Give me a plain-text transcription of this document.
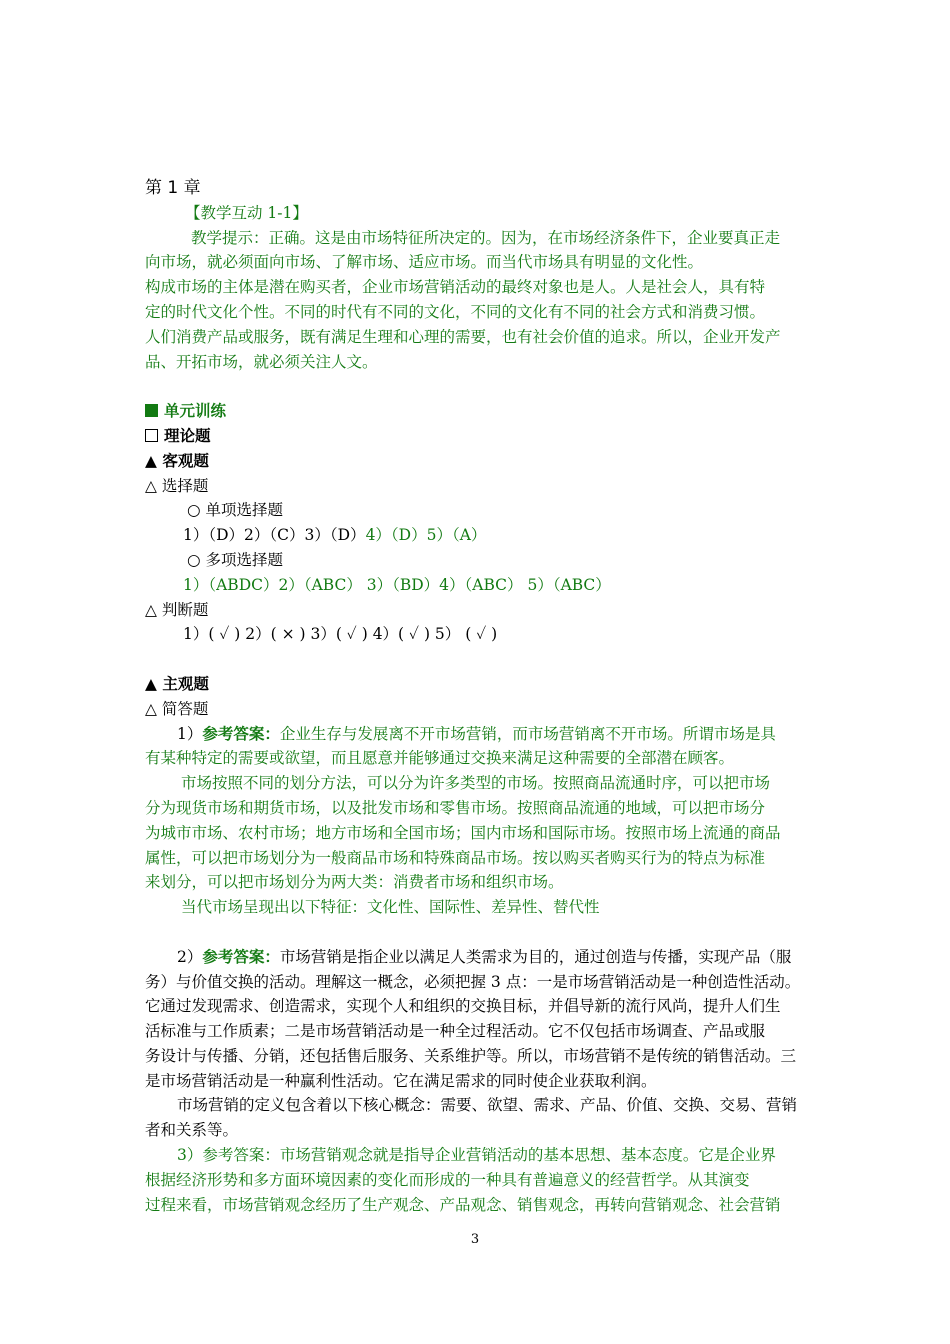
第 1 章
【教学互动 1-1】
教学提示：正确。这是由市场特征所决定的。因为，在市场经济条件下，企业要真正走
向市场，就必须面向市场、了解市场、适应市场。而当代市场具有明显的文化性。
构成市场的主体是潜在购买者，企业市场营销活动的最终对象也是人。人是社会人，具有特
定的时代文化个性。不同的时代有不同的文化，不同的文化有不同的社会方式和消费习惯。
人们消费产品或服务，既有满足生理和心理的需要，也有社会价值的追求。所以，企业开发产
品、开拓市场，就必须关注人文。
单元训练
理论题
▲ 客观题
△ 选择题
○ 单项选择题
1）（D）2）（C）3）（D）4）（D）5）（A）
○ 多项选择题
1）（ABDC）2）（ABC） 3）（BD）4）（ABC） 5）（ABC）
△ 判断题
1）( ✓ ) 2）( × ) 3）( ✓ ) 4）( ✓ ) 5） ( ✓ )
▲ 主观题
△ 简答题
1）参考答案：企业生存与发展离不开市场营销，而市场营销离不开市场。所谓市场是具
有某种特定的需要或欲望，而且愿意并能够通过交换来满足这种需要的全部潜在顾客。
市场按照不同的划分方法，可以分为许多类型的市场。按照商品流通时序，可以把市场
分为现货市场和期货市场，以及批发市场和零售市场。按照商品流通的地域，可以把市场分
为城市市场、农村市场；地方市场和全国市场；国内市场和国际市场。按照市场上流通的商品
属性，可以把市场划分为一般商品市场和特殊商品市场。按以购买者购买行为的特点为标准
来划分，可以把市场划分为两大类：消费者市场和组织市场。
当代市场呈现出以下特征：文化性、国际性、差异性、替代性
2）参考答案：市场营销是指企业以满足人类需求为目的，通过创造与传播，实现产品（服
务）与价值交换的活动。理解这一概念，必须把握 3 点：一是市场营销活动是一种创造性活动。
它通过发现需求、创造需求，实现个人和组织的交换目标，并倡导新的流行风尚，提升人们生
活标准与工作质素；二是市场营销活动是一种全过程活动。它不仅包括市场调查、产品或服
务设计与传播、分销，还包括售后服务、关系维护等。所以，市场营销不是传统的销售活动。三
是市场营销活动是一种赢利性活动。它在满足需求的同时使企业获取利润。
市场营销的定义包含着以下核心概念：需要、欲望、需求、产品、价值、交换、交易、营销
者和关系等。
3）参考答案：市场营销观念就是指导企业营销活动的基本思想、基本态度。它是企业界
根据经济形势和多方面环境因素的变化而形成的一种具有普遍意义的经营哲学。从其演变
过程来看，市场营销观念经历了生产观念、产品观念、销售观念，再转向营销观念、社会营销
3
